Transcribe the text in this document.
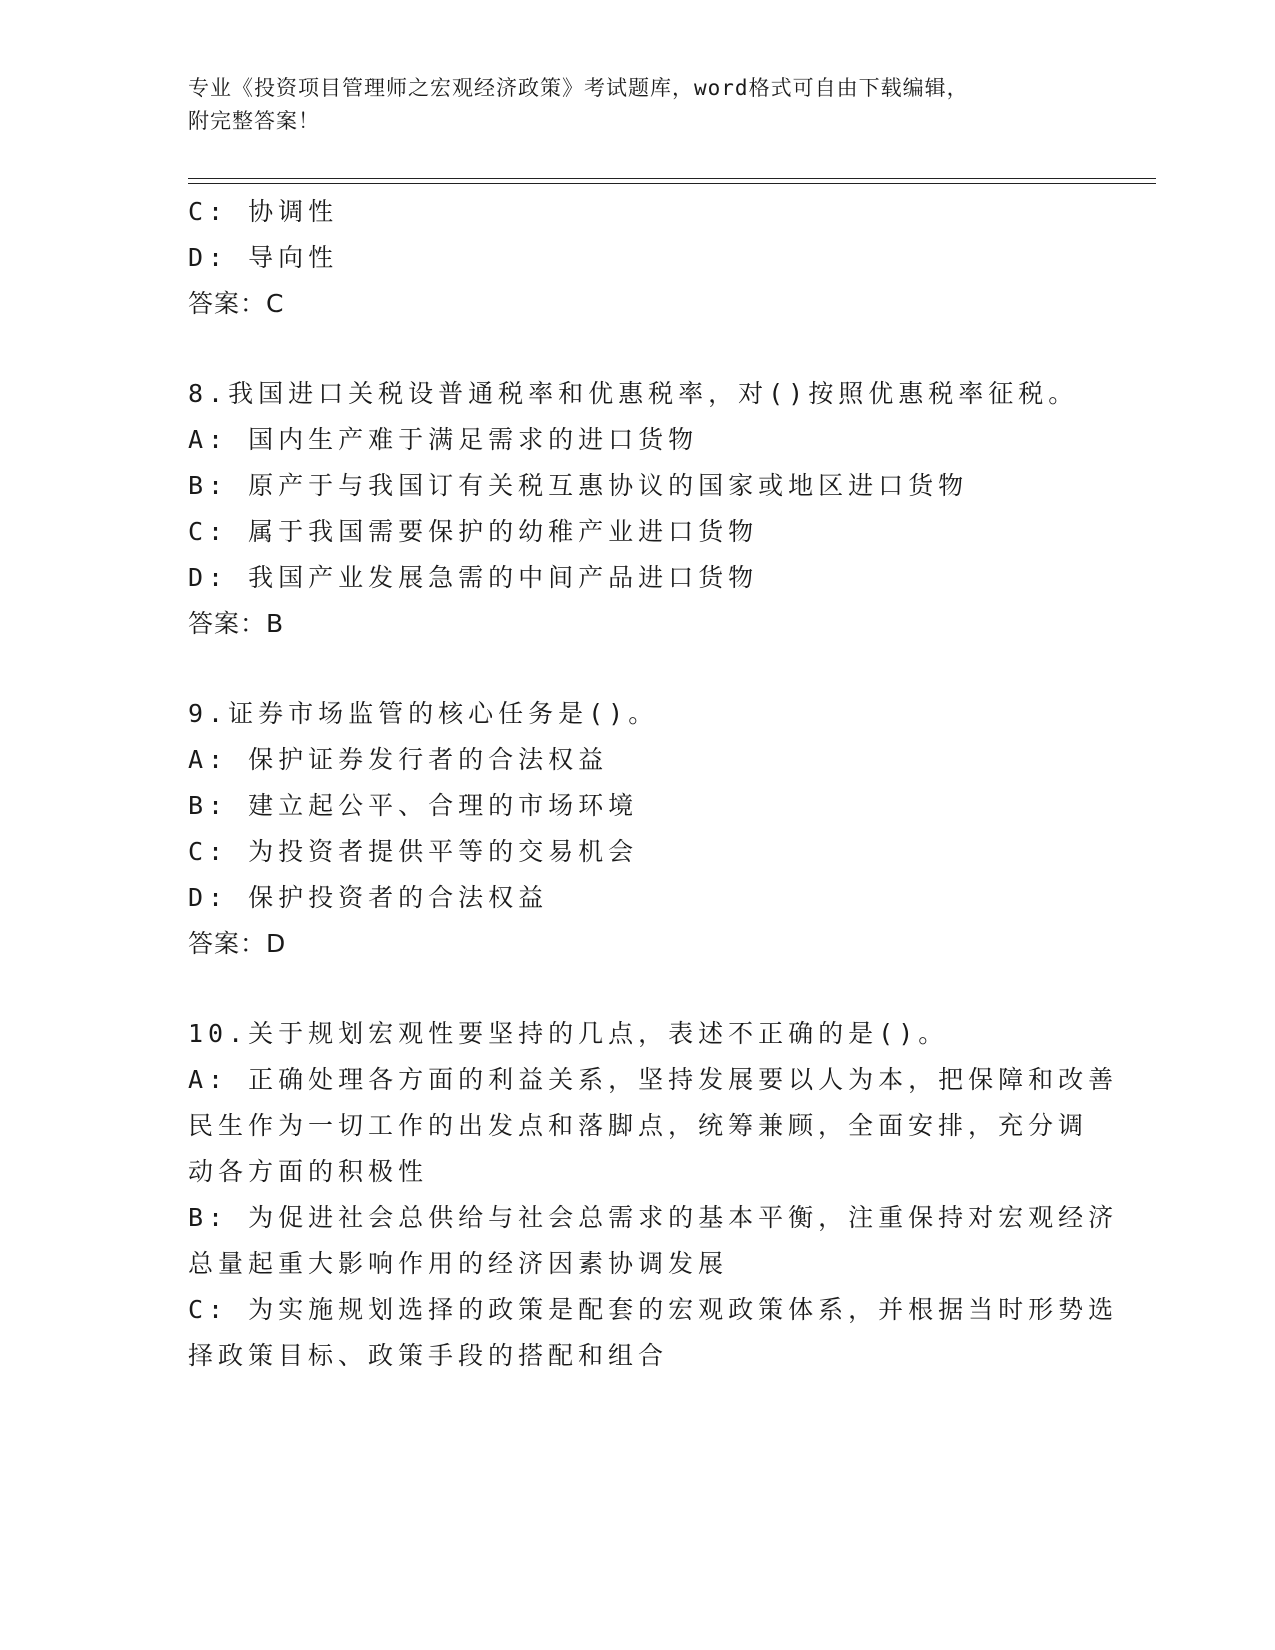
专业《投资项目管理师之宏观经济政策》考试题库，word格式可自由下载编辑，
附完整答案！
C: 协调性
D: 导向性
答案：C
8.我国进口关税设普通税率和优惠税率，对()按照优惠税率征税。
A: 国内生产难于满足需求的进口货物
B: 原产于与我国订有关税互惠协议的国家或地区进口货物
C: 属于我国需要保护的幼稚产业进口货物
D: 我国产业发展急需的中间产品进口货物
答案：B
9.证券市场监管的核心任务是()。
A: 保护证券发行者的合法权益
B: 建立起公平、合理的市场环境
C: 为投资者提供平等的交易机会
D: 保护投资者的合法权益
答案：D
10.关于规划宏观性要坚持的几点，表述不正确的是()。
A: 正确处理各方面的利益关系，坚持发展要以人为本，把保障和改善
民生作为一切工作的出发点和落脚点，统筹兼顾，全面安排，充分调
动各方面的积极性
B: 为促进社会总供给与社会总需求的基本平衡，注重保持对宏观经济
总量起重大影响作用的经济因素协调发展
C: 为实施规划选择的政策是配套的宏观政策体系，并根据当时形势选
择政策目标、政策手段的搭配和组合
